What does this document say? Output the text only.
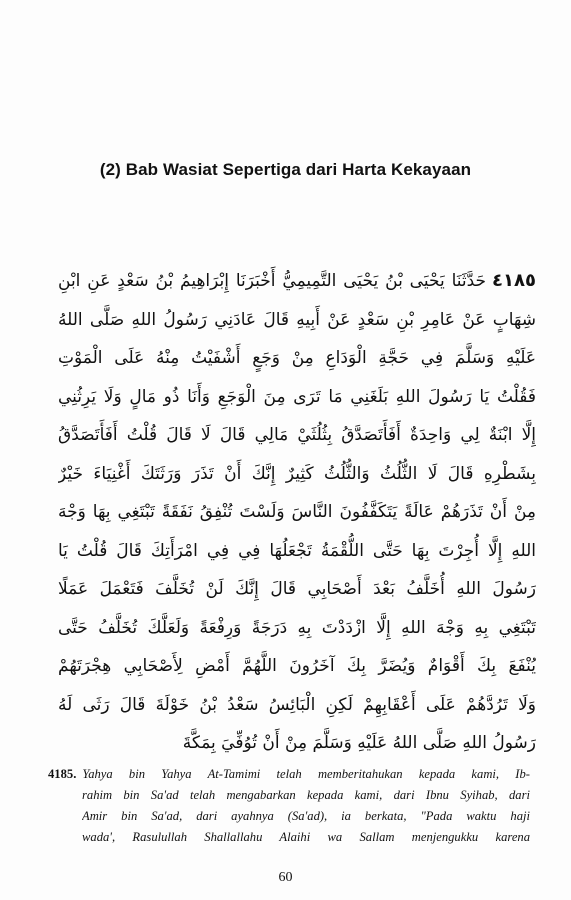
(2) Bab Wasiat Sepertiga dari Harta Kekayaan
٤١٨٥حَدَّثَنَا يَحْيَى بْنُ يَحْيَى التَّمِيمِيُّ أَخْبَرَنَا إِبْرَاهِيمُ بْنُ سَعْدٍ عَنِ ابْنِ
شِهَابٍ عَنْ عَامِرِ بْنِ سَعْدٍ عَنْ أَبِيهِ قَالَ عَادَنِي رَسُولُ اللهِ صَلَّى اللهُ
عَلَيْهِ وَسَلَّمَ فِي حَجَّةِ الْوَدَاعِ مِنْ وَجَعٍ أَشْفَيْتُ مِنْهُ عَلَى الْمَوْتِ
فَقُلْتُ يَا رَسُولَ اللهِ بَلَغَنِي مَا تَرَى مِنَ الْوَجَعِ وَأَنَا ذُو مَالٍ وَلَا يَرِثُنِي
إِلَّا ابْنَةٌ لِي وَاحِدَةٌ أَفَأَتَصَدَّقُ بِثُلُثَيْ مَالِي قَالَ لَا قَالَ قُلْتُ أَفَأَتَصَدَّقُ
بِشَطْرِهِ قَالَ لَا الثُّلُثُ وَالثُّلُثُ كَثِيرٌ إِنَّكَ أَنْ تَذَرَ وَرَثَتَكَ أَغْنِيَاءَ خَيْرٌ
مِنْ أَنْ تَذَرَهُمْ عَالَةً يَتَكَفَّفُونَ النَّاسَ وَلَسْتَ تُنْفِقُ نَفَقَةً تَبْتَغِي بِهَا وَجْهَ
اللهِ إِلَّا أُجِرْتَ بِهَا حَتَّى اللُّقْمَةُ تَجْعَلُهَا فِي فِي امْرَأَتِكَ قَالَ قُلْتُ يَا
رَسُولَ اللهِ أُخَلَّفُ بَعْدَ أَصْحَابِي قَالَ إِنَّكَ لَنْ تُخَلَّفَ فَتَعْمَلَ عَمَلًا
تَبْتَغِي بِهِ وَجْهَ اللهِ إِلَّا ازْدَدْتَ بِهِ دَرَجَةً وَرِفْعَةً وَلَعَلَّكَ تُخَلَّفُ حَتَّى
يُنْفَعَ بِكَ أَقْوَامٌ وَيُضَرَّ بِكَ آخَرُونَ اللَّهُمَّ أَمْضِ لِأَصْحَابِي هِجْرَتَهُمْ
وَلَا تَرُدَّهُمْ عَلَى أَعْقَابِهِمْ لَكِنِ الْبَائِسُ سَعْدُ بْنُ خَوْلَةَ قَالَ رَثَى لَهُ
رَسُولُ اللهِ صَلَّى اللهُ عَلَيْهِ وَسَلَّمَ مِنْ أَنْ تُوُفِّيَ بِمَكَّةَ
4185. Yahya bin Yahya At-Tamimi telah memberitahukan kepada kami, Ib-
rahim bin Sa'ad telah mengabarkan kepada kami, dari Ibnu Syihab, dari
Amir bin Sa'ad, dari ayahnya (Sa'ad), ia berkata, "Pada waktu haji
wada', Rasulullah Shallallahu Alaihi wa Sallam menjengukku karena
60
